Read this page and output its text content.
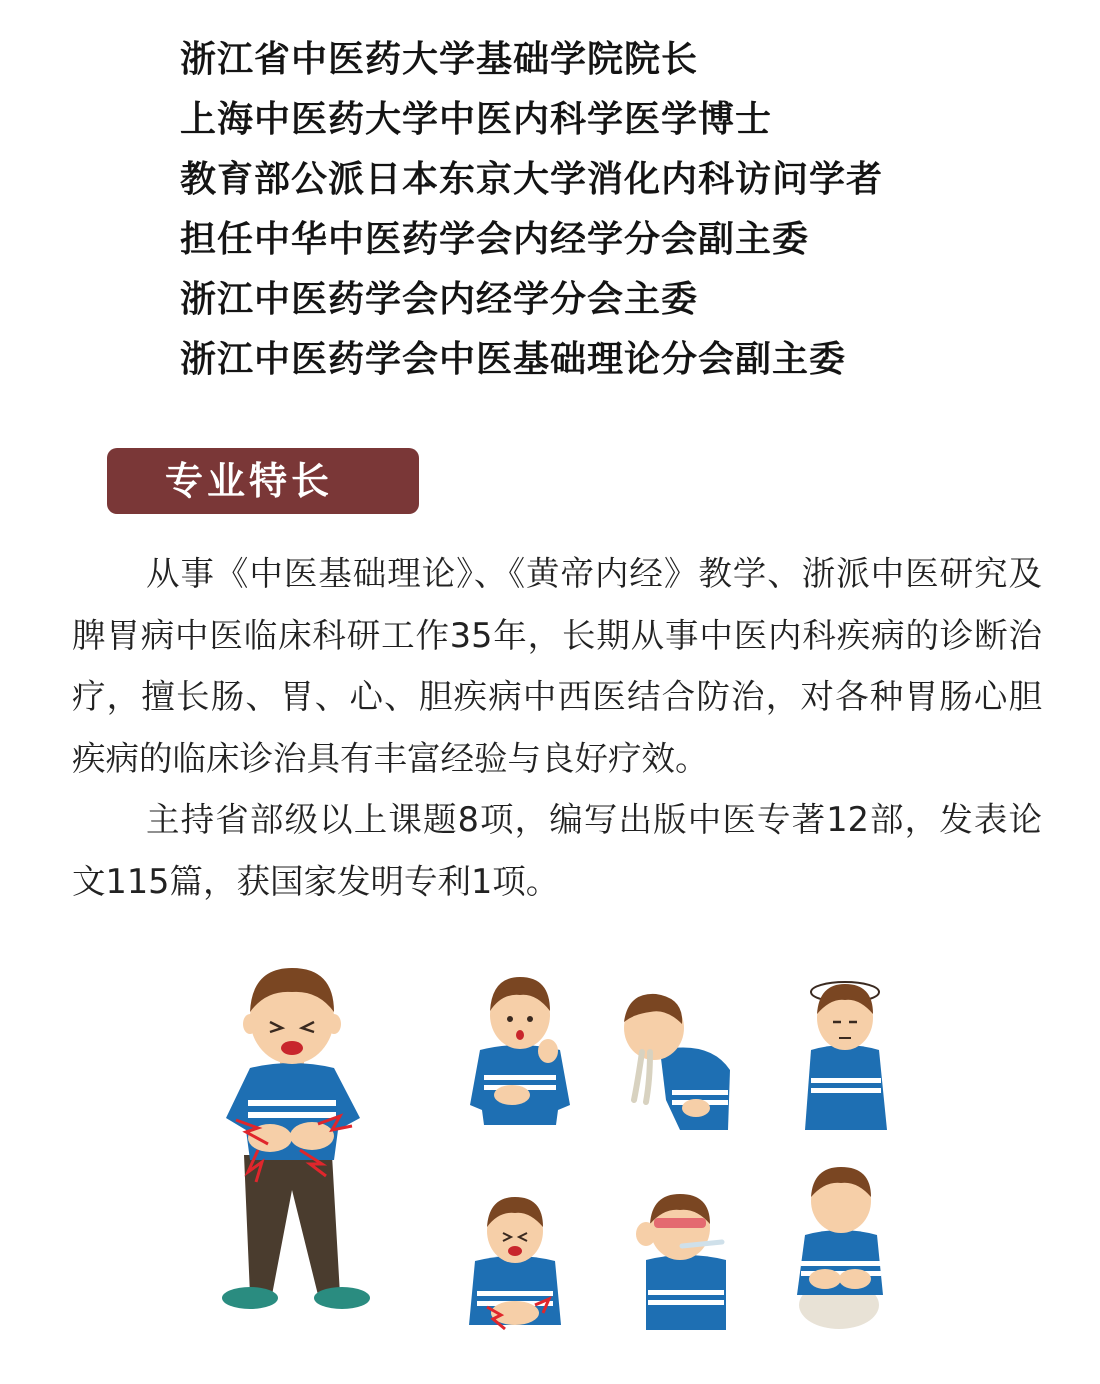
浙江省中医药大学基础学院院长
上海中医药大学中医内科学医学博士
教育部公派日本东京大学消化内科访问学者
担任中华中医药学会内经学分会副主委
浙江中医药学会内经学分会主委
浙江中医药学会中医基础理论分会副主委
专业特长

从事《中医基础理论》、《黄帝内经》教学、浙派中医研究及脾胃病中医临床科研工作35年，长期从事中医内科疾病的诊断治疗，擅长肠、胃、心、胆疾病中西医结合防治，对各种胃肠心胆疾病的临床诊治具有丰富经验与良好疗效。

主持省部级以上课题8项，编写出版中医专著12部，发表论文115篇，获国家发明专利1项。
